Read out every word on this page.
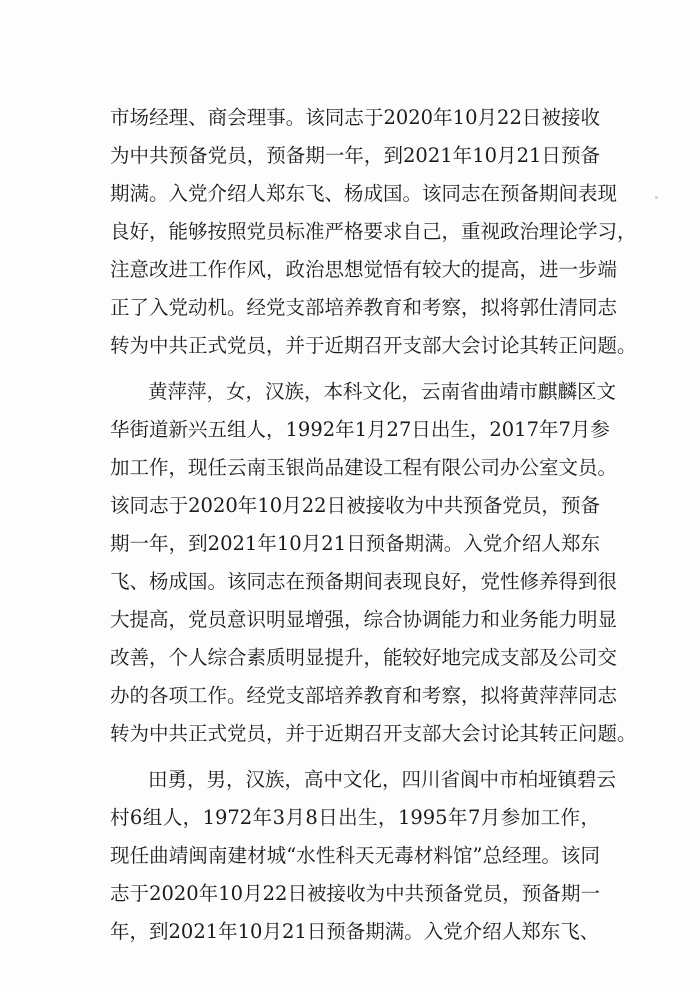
市场经理、商会理事。该同志于2020年10月22日被接收
为中共预备党员，预备期一年，到2021年10月21日预备
期满。入党介绍人郑东飞、杨成国。该同志在预备期间表现
良好，能够按照党员标准严格要求自己，重视政治理论学习，
注意改进工作作风，政治思想觉悟有较大的提高，进一步端
正了入党动机。经党支部培养教育和考察，拟将郭仕清同志
转为中共正式党员，并于近期召开支部大会讨论其转正问题。
黄萍萍，女，汉族，本科文化，云南省曲靖市麒麟区文
华街道新兴五组人，1992年1月27日出生，2017年7月参
加工作，现任云南玉银尚品建设工程有限公司办公室文员。
该同志于2020年10月22日被接收为中共预备党员，预备
期一年，到2021年10月21日预备期满。入党介绍人郑东
飞、杨成国。该同志在预备期间表现良好，党性修养得到很
大提高，党员意识明显增强，综合协调能力和业务能力明显
改善，个人综合素质明显提升，能较好地完成支部及公司交
办的各项工作。经党支部培养教育和考察，拟将黄萍萍同志
转为中共正式党员，并于近期召开支部大会讨论其转正问题。
田勇，男，汉族，高中文化，四川省阆中市柏垭镇碧云
村6组人，1972年3月8日出生，1995年7月参加工作，
现任曲靖闽南建材城“水性科天无毒材料馆”总经理。该同
志于2020年10月22日被接收为中共预备党员，预备期一
年，到2021年10月21日预备期满。入党介绍人郑东飞、
